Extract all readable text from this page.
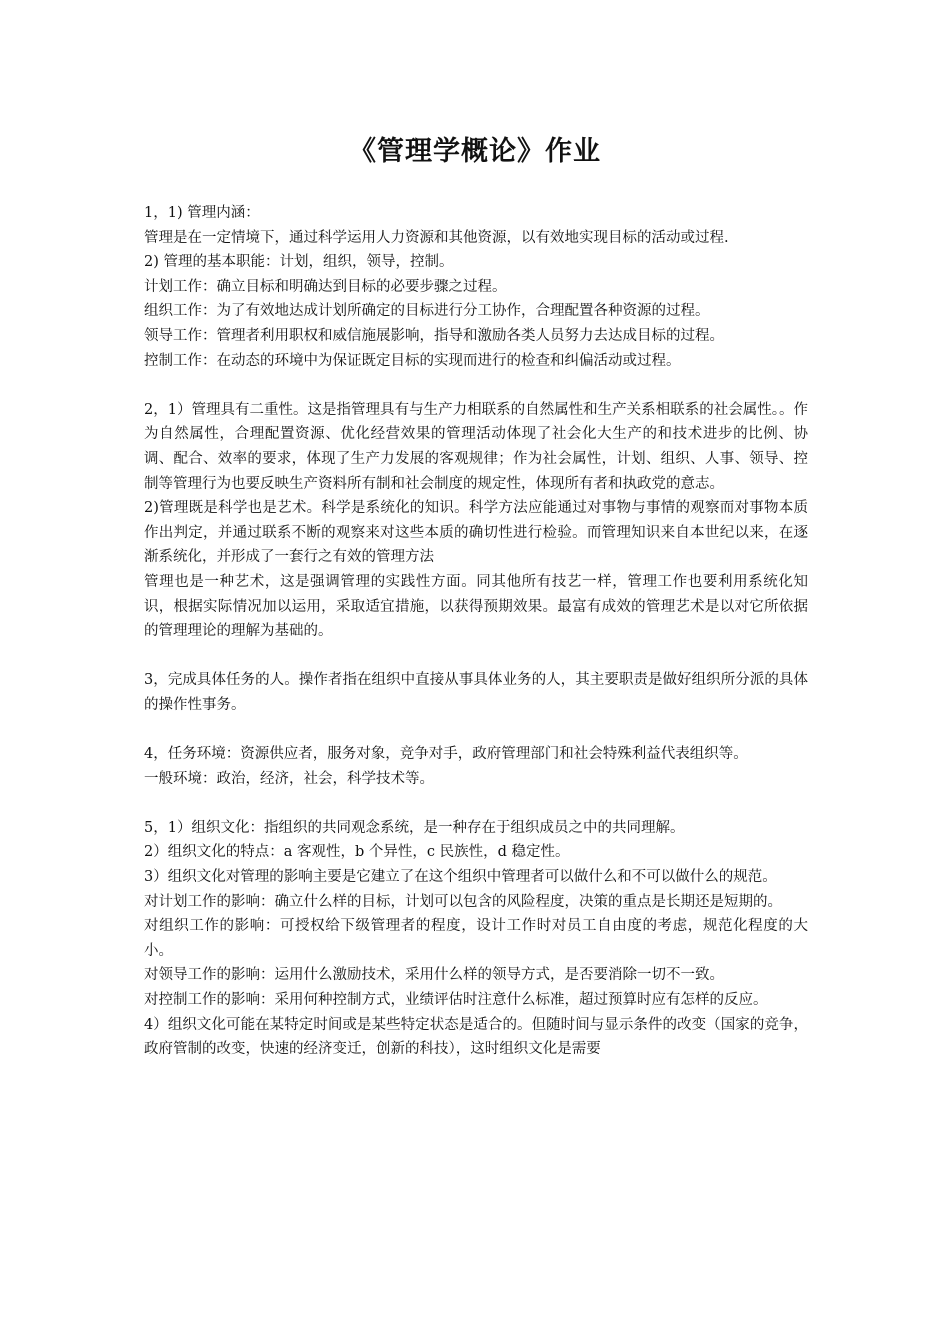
《管理学概论》作业

1，1) 管理内涵：

管理是在一定情境下，通过科学运用人力资源和其他资源，以有效地实现目标的活动或过程.

2) 管理的基本职能：计划，组织，领导，控制。

计划工作：确立目标和明确达到目标的必要步骤之过程。

组织工作：为了有效地达成计划所确定的目标进行分工协作，合理配置各种资源的过程。

领导工作：管理者利用职权和威信施展影响，指导和激励各类人员努力去达成目标的过程。

控制工作：在动态的环境中为保证既定目标的实现而进行的检查和纠偏活动或过程。

2，1）管理具有二重性。这是指管理具有与生产力相联系的自然属性和生产关系相联系的社会属性。。作为自然属性，合理配置资源、优化经营效果的管理活动体现了社会化大生产的和技术进步的比例、协调、配合、效率的要求，体现了生产力发展的客观规律；作为社会属性，计划、组织、人事、领导、控制等管理行为也要反映生产资料所有制和社会制度的规定性，体现所有者和执政党的意志。

2)管理既是科学也是艺术。科学是系统化的知识。科学方法应能通过对事物与事情的观察而对事物本质作出判定，并通过联系不断的观察来对这些本质的确切性进行检验。而管理知识来自本世纪以来，在逐渐系统化，并形成了一套行之有效的管理方法

管理也是一种艺术，这是强调管理的实践性方面。同其他所有技艺一样，管理工作也要利用系统化知识，根据实际情况加以运用，采取适宜措施，以获得预期效果。最富有成效的管理艺术是以对它所依据的管理理论的理解为基础的。

3，完成具体任务的人。操作者指在组织中直接从事具体业务的人，其主要职责是做好组织所分派的具体的操作性事务。

4，任务环境：资源供应者，服务对象，竞争对手，政府管理部门和社会特殊利益代表组织等。

一般环境：政治，经济，社会，科学技术等。

5，1）组织文化：指组织的共同观念系统，是一种存在于组织成员之中的共同理解。

2）组织文化的特点：a 客观性，b 个异性，c 民族性，d 稳定性。

3）组织文化对管理的影响主要是它建立了在这个组织中管理者可以做什么和不可以做什么的规范。

对计划工作的影响：确立什么样的目标，计划可以包含的风险程度，决策的重点是长期还是短期的。

对组织工作的影响：可授权给下级管理者的程度，设计工作时对员工自由度的考虑，规范化程度的大小。

对领导工作的影响：运用什么激励技术，采用什么样的领导方式，是否要消除一切不一致。

对控制工作的影响：采用何种控制方式，业绩评估时注意什么标准，超过预算时应有怎样的反应。

4）组织文化可能在某特定时间或是某些特定状态是适合的。但随时间与显示条件的改变（国家的竞争，政府管制的改变，快速的经济变迁，创新的科技），这时组织文化是需要
